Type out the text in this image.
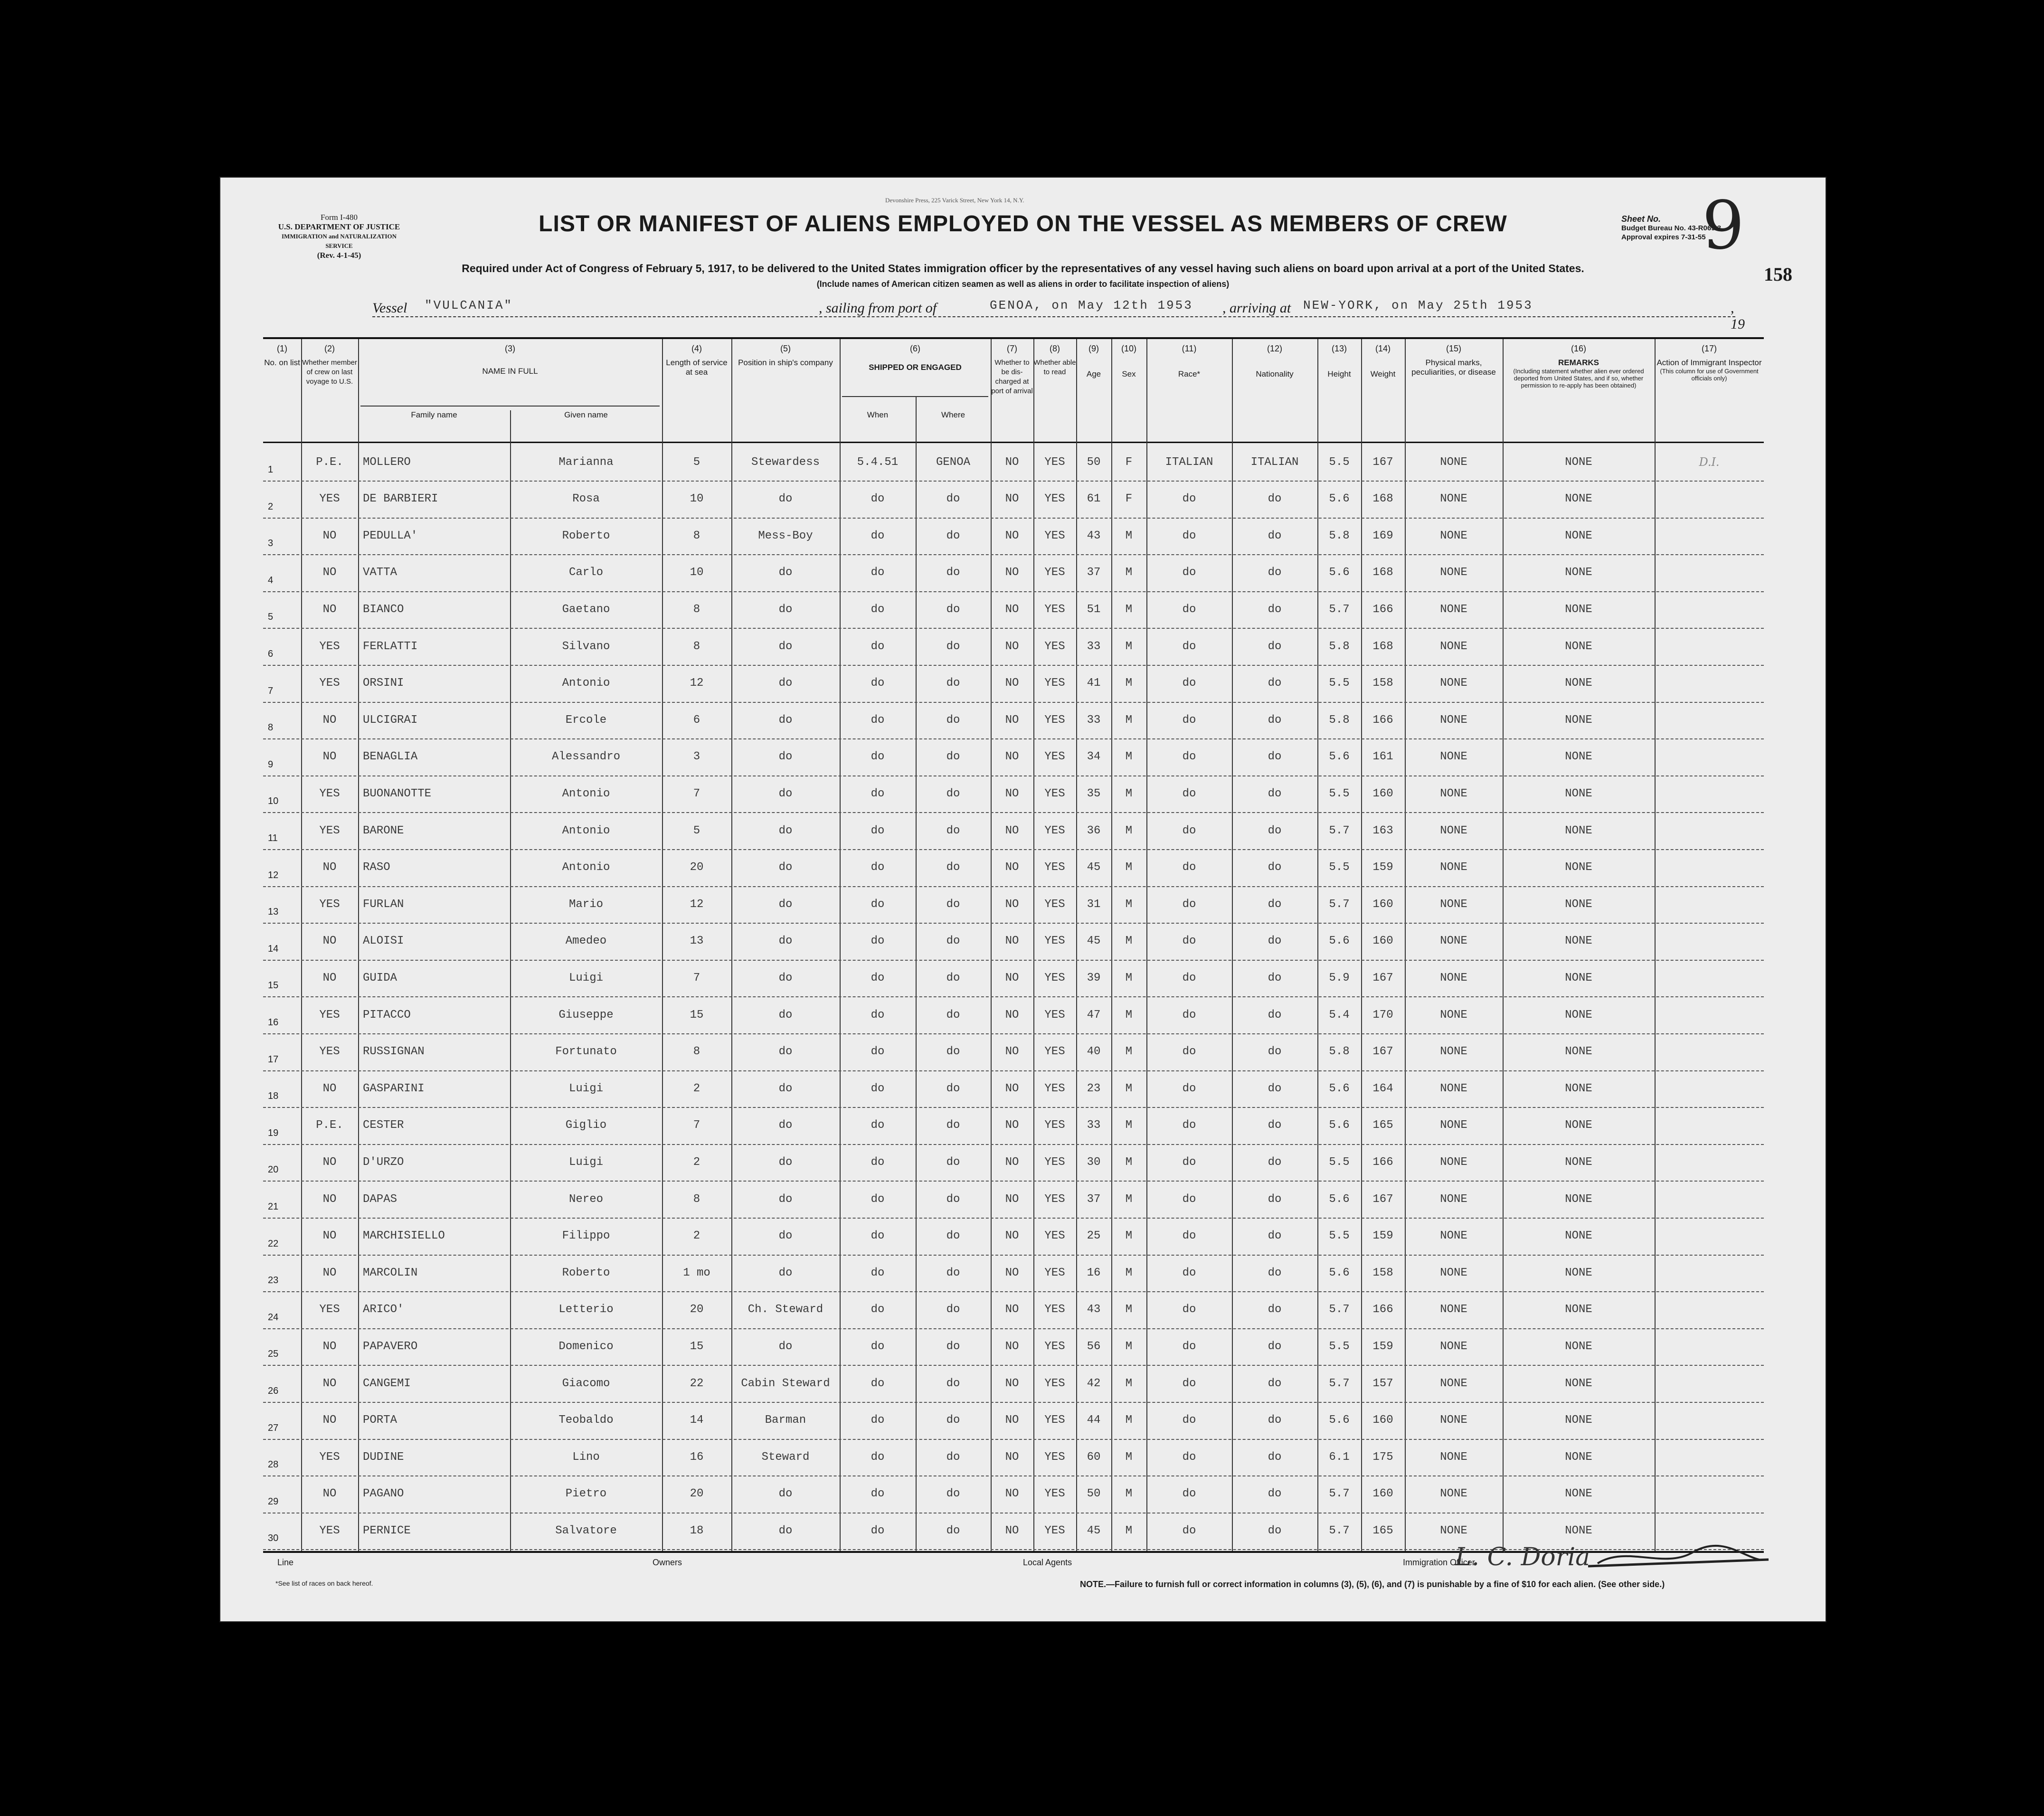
Form I-480
U.S. DEPARTMENT OF JUSTICE
IMMIGRATION and NATURALIZATION SERVICE
(Rev. 4-1-45)
Devonshire Press, 225 Varick Street, New York 14, N.Y.
LIST OR MANIFEST OF ALIENS EMPLOYED ON THE VESSEL AS MEMBERS OF CREW
Required under Act of Congress of February 5, 1917, to be delivered to the United States immigration officer by the representatives of any vessel having such aliens on board upon arrival at a port of the United States.
(Include names of American citizen seamen as well as aliens in order to facilitate inspection of aliens)
Sheet No.
Budget Bureau No. 43-R069.3
Approval expires 7-31-55
9
158
Vessel "VULCANIA"	, sailing from port of	GENOA, on May 12th 1953 , arriving at NEW-YORK, on May 25th 1953	, 19
(1)
No. on list
(2)
Whether member of crew on last voyage to U.S.
(3)
NAME IN FULL
Family name	Given name
(4)
Length of service at sea
(5)
Position in ship's company
(6)
SHIPPED OR ENGAGED
When	Where
(7)
Whether to be dis-charged at port of arrival
(8)
Whether able to read
(9)
Age
(10)
Sex
(11)
Race*
(12)
Nationality
(13)
Height
(14)
Weight
(15)
Physical marks, peculiarities, or disease
(16)
REMARKS
(Including statement whether alien ever ordered deported from United States, and if so, whether permission to re-apply has been obtained)
(17)
Action of Immigrant Inspector
(This column for use of Government officials only)
1
P.E.	MOLLERO	Marianna	5	Stewardess	5.4.51	GENOA	NO	YES	50	F	ITALIAN	ITALIAN	5.5	167	NONE	NONE	D.I.
2
YES	DE BARBIERI	Rosa	10	do	do	do	NO	YES	61	F	do	do	5.6	168	NONE	NONE
3
NO	PEDULLA'	Roberto	8	Mess-Boy	do	do	NO	YES	43	M	do	do	5.8	169	NONE	NONE
4
NO	VATTA	Carlo	10	do	do	do	NO	YES	37	M	do	do	5.6	168	NONE	NONE
5
NO	BIANCO	Gaetano	8	do	do	do	NO	YES	51	M	do	do	5.7	166	NONE	NONE
6
YES	FERLATTI	Silvano	8	do	do	do	NO	YES	33	M	do	do	5.8	168	NONE	NONE
7
YES	ORSINI	Antonio	12	do	do	do	NO	YES	41	M	do	do	5.5	158	NONE	NONE
8
NO	ULCIGRAI	Ercole	6	do	do	do	NO	YES	33	M	do	do	5.8	166	NONE	NONE
9
NO	BENAGLIA	Alessandro	3	do	do	do	NO	YES	34	M	do	do	5.6	161	NONE	NONE
10
YES	BUONANOTTE	Antonio	7	do	do	do	NO	YES	35	M	do	do	5.5	160	NONE	NONE
11
YES	BARONE	Antonio	5	do	do	do	NO	YES	36	M	do	do	5.7	163	NONE	NONE
12
NO	RASO	Antonio	20	do	do	do	NO	YES	45	M	do	do	5.5	159	NONE	NONE
13
YES	FURLAN	Mario	12	do	do	do	NO	YES	31	M	do	do	5.7	160	NONE	NONE
14
NO	ALOISI	Amedeo	13	do	do	do	NO	YES	45	M	do	do	5.6	160	NONE	NONE
15
NO	GUIDA	Luigi	7	do	do	do	NO	YES	39	M	do	do	5.9	167	NONE	NONE
16
YES	PITACCO	Giuseppe	15	do	do	do	NO	YES	47	M	do	do	5.4	170	NONE	NONE
17
YES	RUSSIGNAN	Fortunato	8	do	do	do	NO	YES	40	M	do	do	5.8	167	NONE	NONE
18
NO	GASPARINI	Luigi	2	do	do	do	NO	YES	23	M	do	do	5.6	164	NONE	NONE
19
P.E.	CESTER	Giglio	7	do	do	do	NO	YES	33	M	do	do	5.6	165	NONE	NONE
20
NO	D'URZO	Luigi	2	do	do	do	NO	YES	30	M	do	do	5.5	166	NONE	NONE
21
NO	DAPAS	Nereo	8	do	do	do	NO	YES	37	M	do	do	5.6	167	NONE	NONE
22
NO	MARCHISIELLO	Filippo	2	do	do	do	NO	YES	25	M	do	do	5.5	159	NONE	NONE
23
NO	MARCOLIN	Roberto	1 mo	do	do	do	NO	YES	16	M	do	do	5.6	158	NONE	NONE
24
YES	ARICO'	Letterio	20	Ch. Steward	do	do	NO	YES	43	M	do	do	5.7	166	NONE	NONE
25
NO	PAPAVERO	Domenico	15	do	do	do	NO	YES	56	M	do	do	5.5	159	NONE	NONE
26
NO	CANGEMI	Giacomo	22	Cabin Steward	do	do	NO	YES	42	M	do	do	5.7	157	NONE	NONE
27
NO	PORTA	Teobaldo	14	Barman	do	do	NO	YES	44	M	do	do	5.6	160	NONE	NONE
28
YES	DUDINE	Lino	16	Steward	do	do	NO	YES	60	M	do	do	6.1	175	NONE	NONE
29
NO	PAGANO	Pietro	20	do	do	do	NO	YES	50	M	do	do	5.7	160	NONE	NONE
30
YES	PERNICE	Salvatore	18	do	do	do	NO	YES	45	M	do	do	5.7	165	NONE	NONE
Line	Owners	Local Agents	Immigration Officer
L. C. Doria
*See list of races on back hereof.	NOTE.—Failure to furnish full or correct information in columns (3), (5), (6), and (7) is punishable by a fine of $10 for each alien. (See other side.)
